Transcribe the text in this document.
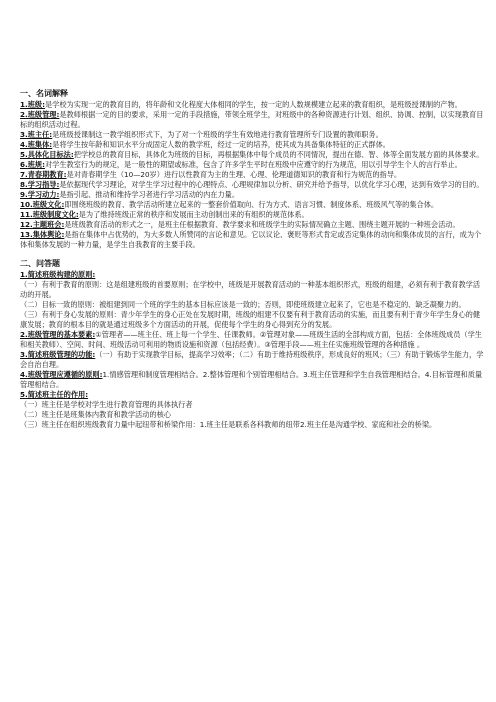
一、名词解释
1.班级:是学校为实现一定的教育目的，将年龄和文化程度大体相同的学生，按一定的人数规模建立起来的教育组织，是班级授课制的产物。
2.班级管理:是教师根据一定的目的要求，采用一定的手段措施，带领全班学生，对班级中的各种资源进行计划、组织、协调、控制，以实现教育目标的组织活动过程。
3.班主任:是班级授课制这一教学组织形式下，为了对一个班级的学生有效地进行教育管理所专门设置的教师职务。
4.班集体:是将学生按年龄和知识水平分成固定人数的教学班，经过一定的培养，使其成为具备集体特征的正式群体。
5.具体化目标法:把学校总的教育目标，具体化为班级的目标，再根据集体中每个成员的不同情况，提出在德、智、体等全面发展方面的具体要求。
6.班规:对学生教室行为的规定，是一般性的期望或标准，包含了许多学生平时在班级中应遵守的行为规范，用以引导学生个人的言行举止。
7.青春期教育:是对青春期学生（10—20岁）进行以性教育为主的生理、心理、伦理道德知识的教育和行为规范的指导。
8.学习指导:是依据现代学习理论，对学生学习过程中的心理特点、心理规律加以分析、研究并给予指导，以优化学习心理，达到有效学习的目的。
9.学习动力:是指引起、推动和维持学习者进行学习活动的内在力量。
10.班级文化:即围绕班级的教育、教学活动所建立起来的一整套价值取向、行为方式、语言习惯、制度体系、班级风气等的集合体。
11.班级制度文化:是为了维持班级正常的秩序和发展而主动创制出来的有组织的规范体系。
12.主题班会:是班级教育活动的形式之一，是班主任根据教育、教学要求和班级学生的实际情况确立主题、围绕主题开展的一种班会活动。
13.集体舆论:是指在集体中占优势的，为大多数人所赞同的言论和意见。它以议论、褒贬等形式肯定或否定集体的动向和集体成员的言行，成为个体和集体发展的一种力量，是学生自我教育的主要手段。
二、问答题
1.简述班级构建的原则:
（一）有利于教育的原则：这是组建班级的首要原则；在学校中，班级是开展教育活动的一种基本组织形式，班级的组建，必须有利于教育教学活动的开展。
（二）目标一致的原则：被组建到同一个班的学生的基本目标应该是一致的；否则，即使班级建立起来了，它也是不稳定的、缺乏凝聚力的。
（三）有利于身心发展的原则：青少年学生的身心正处在发展时期，班级的组建不仅要有利于教育活动的实施，而且要有利于青少年学生身心的健康发展；教育的根本目的就是通过班级多个方面活动的开展，促使每个学生的身心得到充分的发展。
2.班级管理的基本要素:①管理者——班主任、班上每一个学生、任课教师。②管理对象——班级生活的全部构成方面，包括：全体班级成员（学生和相关教师）、空间、时间、班级活动可利用的物质设施和资源（包括经费）。③管理手段——班主任实施班级管理的各种措施 。
3.简述班级管理的功能:（一）有助于实现教学目标，提高学习效率；（二）有助于维持班级秩序，形成良好的班风；（三）有助于锻炼学生能力，学会自治自理。
4.班级管理应遵循的原则:1.情感管理和制度管理相结合。2.整体管理和个别管理相结合。3.班主任管理和学生自我管理相结合。4.目标管理和质量管理相结合。
5.简述班主任的作用:
（一）班主任是学校对学生进行教育管理的具体执行者
（二）班主任是班集体内教育和教学活动的核心
（三）班主任在组织班级教育力量中起纽带和桥梁作用：1.班主任是联系各科教师的纽带2.班主任是沟通学校、家庭和社会的桥梁。
